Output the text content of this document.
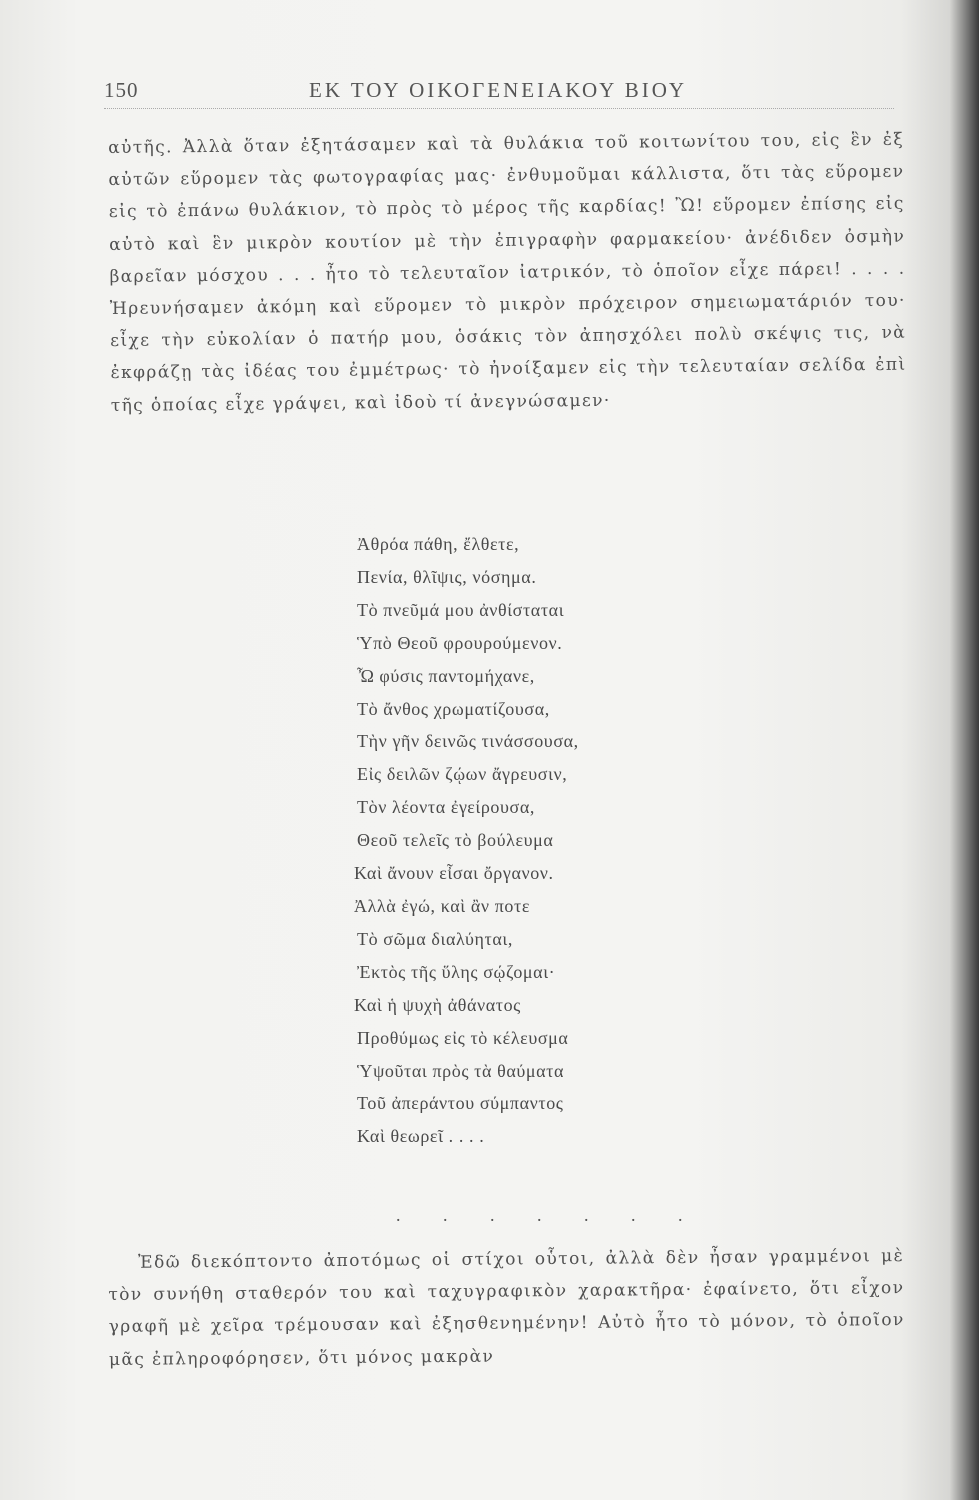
150	ΕΚ ΤΟΥ ΟΙΚΟΓΕΝΕΙΑΚΟΥ ΒΙΟΥ

αὐτῆς. Ἀλλὰ ὅταν ἐξητάσαμεν καὶ τὰ θυλάκια τοῦ κοιτωνίτου του, εἰς ἓν ἐξ αὐτῶν εὕρομεν τὰς φωτογραφίας μας· ἐνθυμοῦμαι κάλλιστα, ὅτι τὰς εὕρομεν εἰς τὸ ἐπάνω θυλάκιον, τὸ πρὸς τὸ μέρος τῆς καρδίας! Ὢ! εὕρομεν ἐπίσης εἰς αὐτὸ καὶ ἓν μικρὸν κουτίον μὲ τὴν ἐπιγραφὴν φαρμακείου· ἀνέδιδεν ὀσμὴν βαρεῖαν μόσχου . . . ἦτο τὸ τελευταῖον ἰατρικόν, τὸ ὁποῖον εἶχε πάρει! . . . . Ἠρευνήσαμεν ἀκόμη καὶ εὕρομεν τὸ μικρὸν πρόχειρον σημειωματάριόν του· εἶχε τὴν εὐκολίαν ὁ πατήρ μου, ὁσάκις τὸν ἀπησχόλει πολὺ σκέψις τις, νὰ ἐκφράζῃ τὰς ἰδέας του ἐμμέτρως· τὸ ἠνοίξαμεν εἰς τὴν τελευταίαν σελίδα ἐπὶ τῆς ὁποίας εἶχε γράψει, καὶ ἰδοὺ τί ἀνεγνώσαμεν·

Ἀθρόα πάθη, ἔλθετε,
Πενία, θλῖψις, νόσημα.
Τὸ πνεῦμά μου ἀνθίσταται
Ὑπὸ Θεοῦ φρουρούμενον.
Ὦ φύσις παντομήχανε,
Τὸ ἄνθος χρωματίζουσα,
Τὴν γῆν δεινῶς τινάσσουσα,
Εἰς δειλῶν ζῴων ἄγρευσιν,
Τὸν λέοντα ἐγείρουσα,
Θεοῦ τελεῖς τὸ βούλευμα
Καὶ ἄνουν εἶσαι ὄργανον.
Ἀλλὰ ἐγώ, καὶ ἂν ποτε
Τὸ σῶμα διαλύηται,
Ἐκτὸς τῆς ὕλης σῴζομαι·
Καὶ ἡ ψυχὴ ἀθάνατος
Προθύμως εἰς τὸ κέλευσμα
Ὑψοῦται πρὸς τὰ θαύματα
Τοῦ ἀπεράντου σύμπαντος
Καὶ θεωρεῖ . . . .
. . . . . . .

Ἐδῶ διεκόπτοντο ἀποτόμως οἱ στίχοι οὗτοι, ἀλλὰ δὲν ἦσαν γραμμένοι μὲ τὸν συνήθη σταθερόν του καὶ ταχυγραφικὸν χαρακτῆρα· ἐφαίνετο, ὅτι εἶχον γραφῆ μὲ χεῖρα τρέμουσαν καὶ ἐξησθενημένην! Αὐτὸ ἦτο τὸ μόνον, τὸ ὁποῖον μᾶς ἐπληροφόρησεν, ὅτι μόνος μακρὰν
